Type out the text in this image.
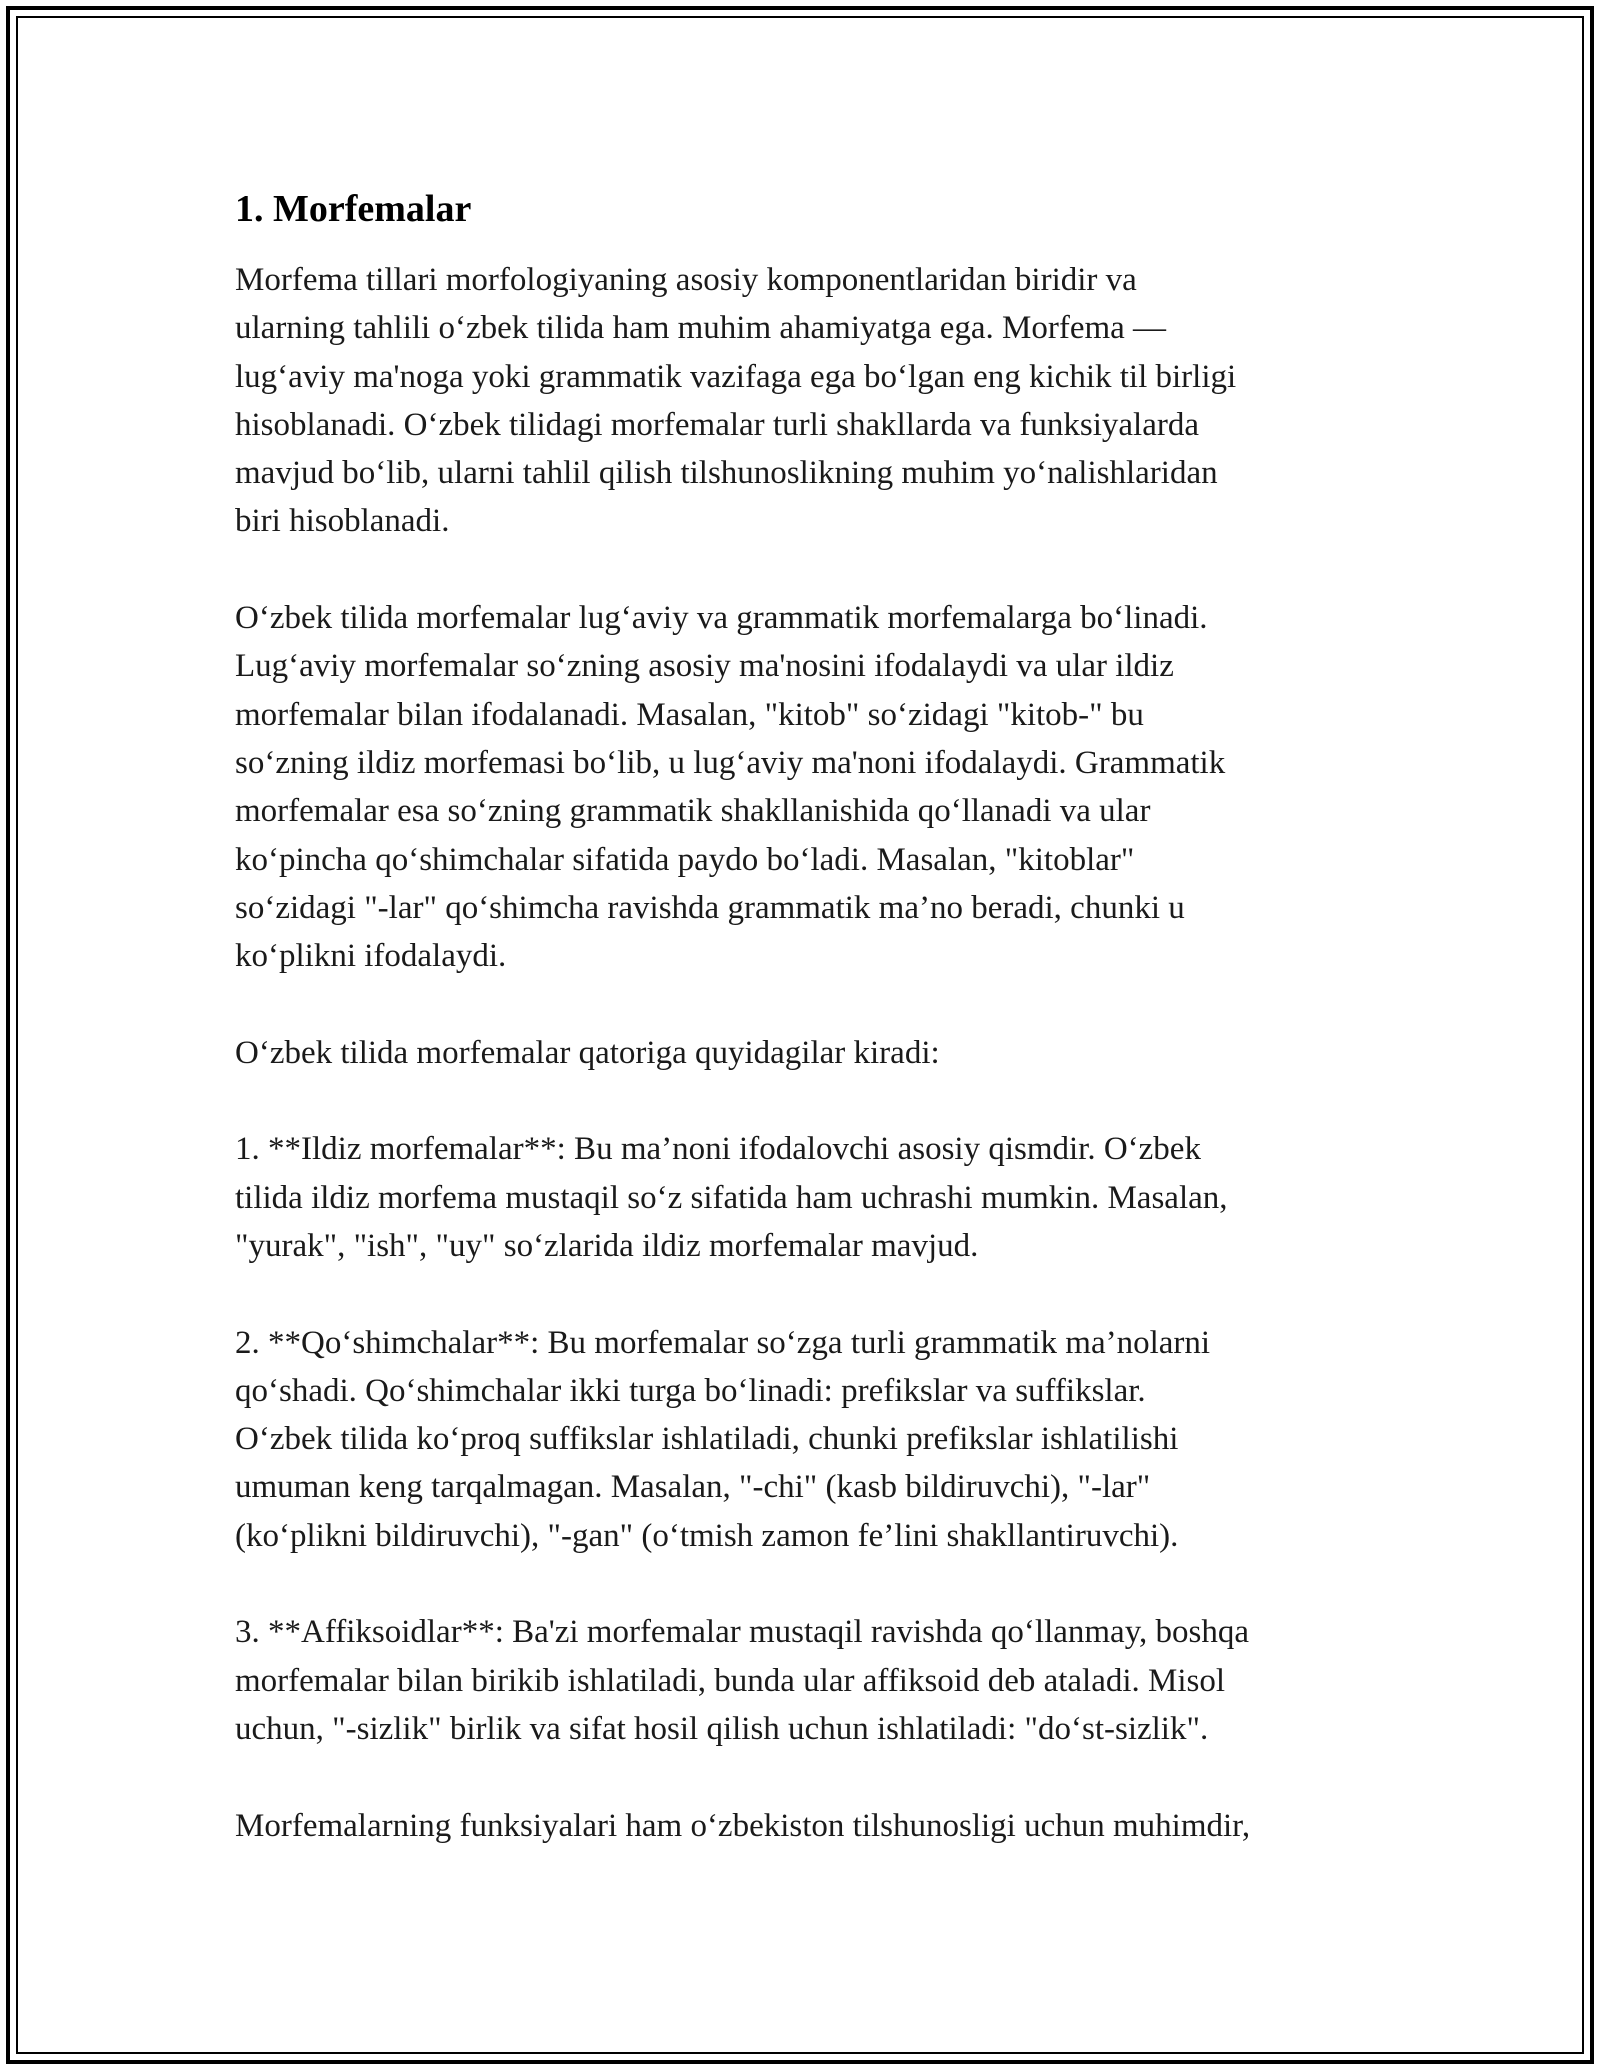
1. Morfemalar
Morfema tillari morfologiyaning asosiy komponentlaridan biridir va
ularning tahlili o‘zbek tilida ham muhim ahamiyatga ega. Morfema —
lug‘aviy ma'noga yoki grammatik vazifaga ega bo‘lgan eng kichik til birligi
hisoblanadi. O‘zbek tilidagi morfemalar turli shakllarda va funksiyalarda
mavjud bo‘lib, ularni tahlil qilish tilshunoslikning muhim yo‘nalishlaridan
biri hisoblanadi.
O‘zbek tilida morfemalar lug‘aviy va grammatik morfemalarga bo‘linadi.
Lug‘aviy morfemalar so‘zning asosiy ma'nosini ifodalaydi va ular ildiz
morfemalar bilan ifodalanadi. Masalan, "kitob" so‘zidagi "kitob-" bu
so‘zning ildiz morfemasi bo‘lib, u lug‘aviy ma'noni ifodalaydi. Grammatik
morfemalar esa so‘zning grammatik shakllanishida qo‘llanadi va ular
ko‘pincha qo‘shimchalar sifatida paydo bo‘ladi. Masalan, "kitoblar"
so‘zidagi "-lar" qo‘shimcha ravishda grammatik ma’no beradi, chunki u
ko‘plikni ifodalaydi.
O‘zbek tilida morfemalar qatoriga quyidagilar kiradi:
1. **Ildiz morfemalar**: Bu ma’noni ifodalovchi asosiy qismdir. O‘zbek
tilida ildiz morfema mustaqil so‘z sifatida ham uchrashi mumkin. Masalan,
"yurak", "ish", "uy" so‘zlarida ildiz morfemalar mavjud.
2. **Qo‘shimchalar**: Bu morfemalar so‘zga turli grammatik ma’nolarni
qo‘shadi. Qo‘shimchalar ikki turga bo‘linadi: prefikslar va suffikslar.
O‘zbek tilida ko‘proq suffikslar ishlatiladi, chunki prefikslar ishlatilishi
umuman keng tarqalmagan. Masalan, "-chi" (kasb bildiruvchi), "-lar"
(ko‘plikni bildiruvchi), "-gan" (o‘tmish zamon fe’lini shakllantiruvchi).
3. **Affiksoidlar**: Ba'zi morfemalar mustaqil ravishda qo‘llanmay, boshqa
morfemalar bilan birikib ishlatiladi, bunda ular affiksoid deb ataladi. Misol
uchun, "-sizlik" birlik va sifat hosil qilish uchun ishlatiladi: "do‘st-sizlik".
Morfemalarning funksiyalari ham o‘zbekiston tilshunosligi uchun muhimdir,
